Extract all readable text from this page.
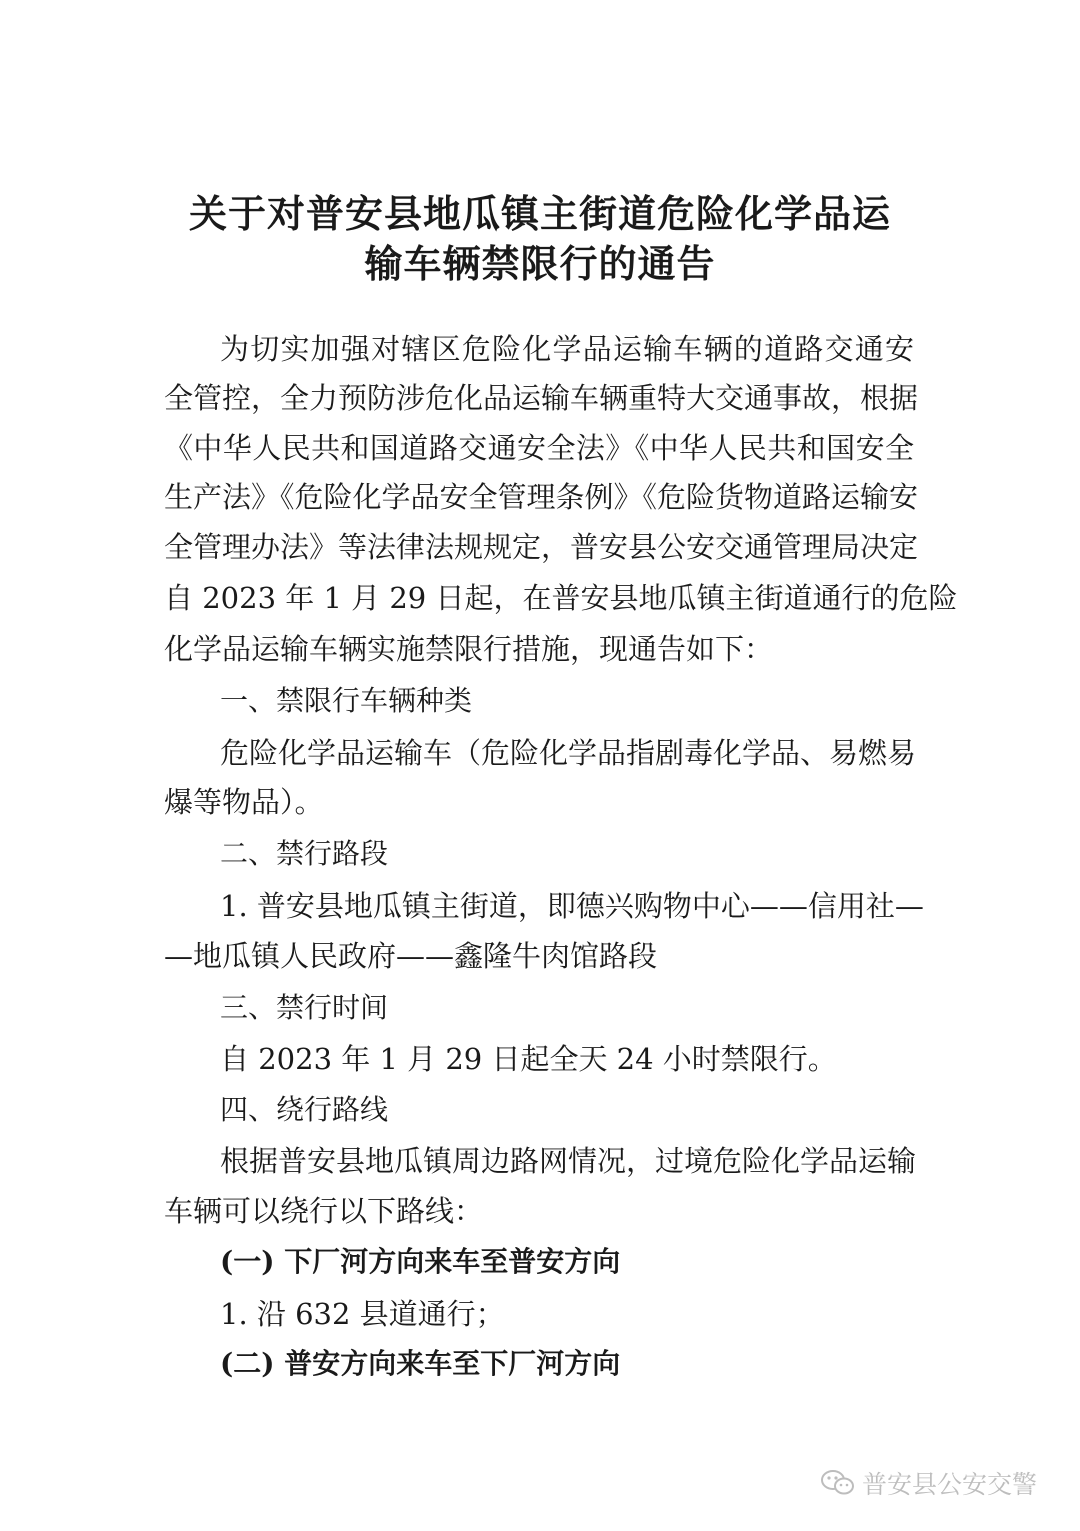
关于对普安县地瓜镇主街道危险化学品运
输车辆禁限行的通告

为切实加强对辖区危险化学品运输车辆的道路交通安

全管控，全力预防涉危化品运输车辆重特大交通事故，根据

《中华人民共和国道路交通安全法》《中华人民共和国安全

生产法》《危险化学品安全管理条例》《危险货物道路运输安

全管理办法》等法律法规规定，普安县公安交通管理局决定

自 2023 年 1 月 29 日起，在普安县地瓜镇主街道通行的危险

化学品运输车辆实施禁限行措施，现通告如下：

一、禁限行车辆种类

危险化学品运输车（危险化学品指剧毒化学品、易燃易

爆等物品）。

二、禁行路段

1. 普安县地瓜镇主街道，即德兴购物中心——信用社—

—地瓜镇人民政府——鑫隆牛肉馆路段

三、禁行时间

自 2023 年 1 月 29 日起全天 24 小时禁限行。

四、绕行路线

根据普安县地瓜镇周边路网情况，过境危险化学品运输

车辆可以绕行以下路线：

(一) 下厂河方向来车至普安方向

1. 沿 632 县道通行；

(二) 普安方向来车至下厂河方向
普安县公安交警
